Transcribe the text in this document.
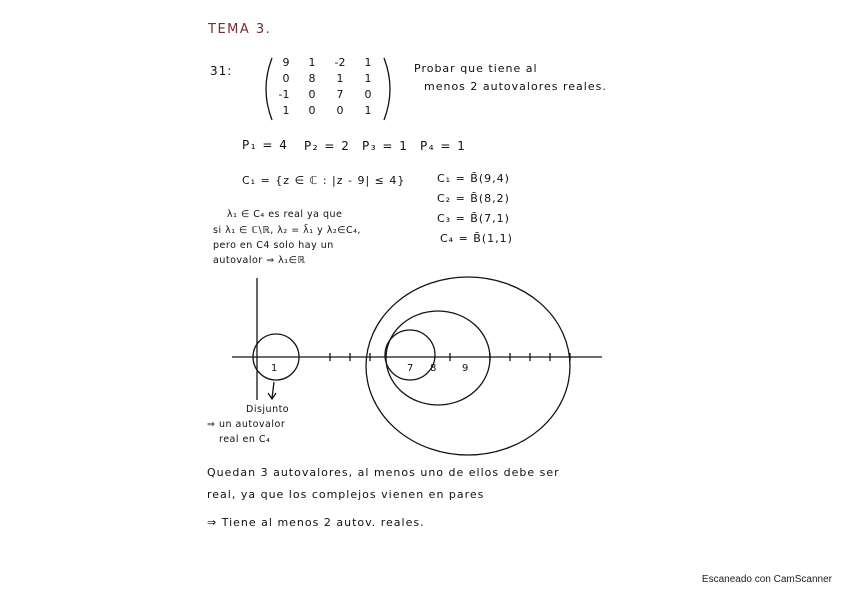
TEMA 3.
31:
9	1	-2	1
0	8	1	1
-1	0	7	0
1	0	0	1
Probar que tiene al
menos 2 autovalores reales.
P₁ = 4 P₂ = 2 P₃ = 1 P₄ = 1
C₁ = {z ∈ ℂ : |z - 9| ≤ 4}	C₁ = B̄(9,4)
C₂ = B̄(8,2)
C₃ = B̄(7,1)
C₄ = B̄(1,1)
λ₁ ∈ C₄ es real ya que
si λ₁ ∈ ℂ\ℝ, λ₂ = λ̄₁ y λ₂∈C₄,
pero en C4 solo hay un
autovalor ⇒ λ₁∈ℝ
1	7 8 9
Disjunto
⇒ un autovalor
real en C₄
Quedan 3 autovalores, al menos uno de ellos debe ser
real, ya que los complejos vienen en pares
⇒ Tiene al menos 2 autov. reales.
Escaneado con CamScanner
